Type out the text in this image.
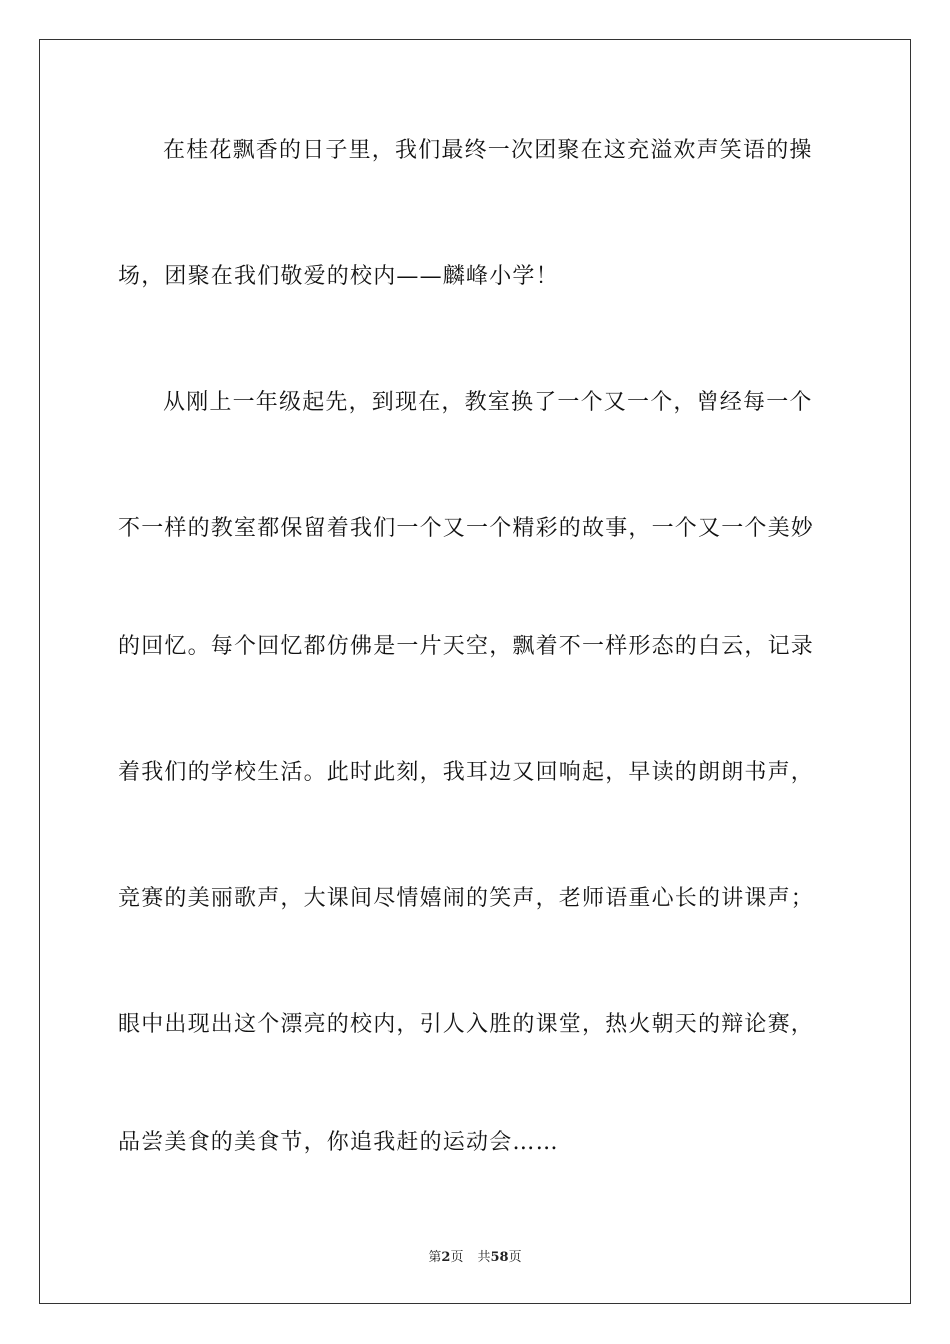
在桂花飘香的日子里，我们最终一次团聚在这充溢欢声笑语的操
场，团聚在我们敬爱的校内——麟峰小学！
从刚上一年级起先，到现在，教室换了一个又一个，曾经每一个
不一样的教室都保留着我们一个又一个精彩的故事，一个又一个美妙
的回忆。每个回忆都仿佛是一片天空，飘着不一样形态的白云，记录
着我们的学校生活。此时此刻，我耳边又回响起，早读的朗朗书声，
竞赛的美丽歌声，大课间尽情嬉闹的笑声，老师语重心长的讲课声；
眼中出现出这个漂亮的校内，引人入胜的课堂，热火朝天的辩论赛，
品尝美食的美食节，你追我赶的运动会……
第2页 共58页
